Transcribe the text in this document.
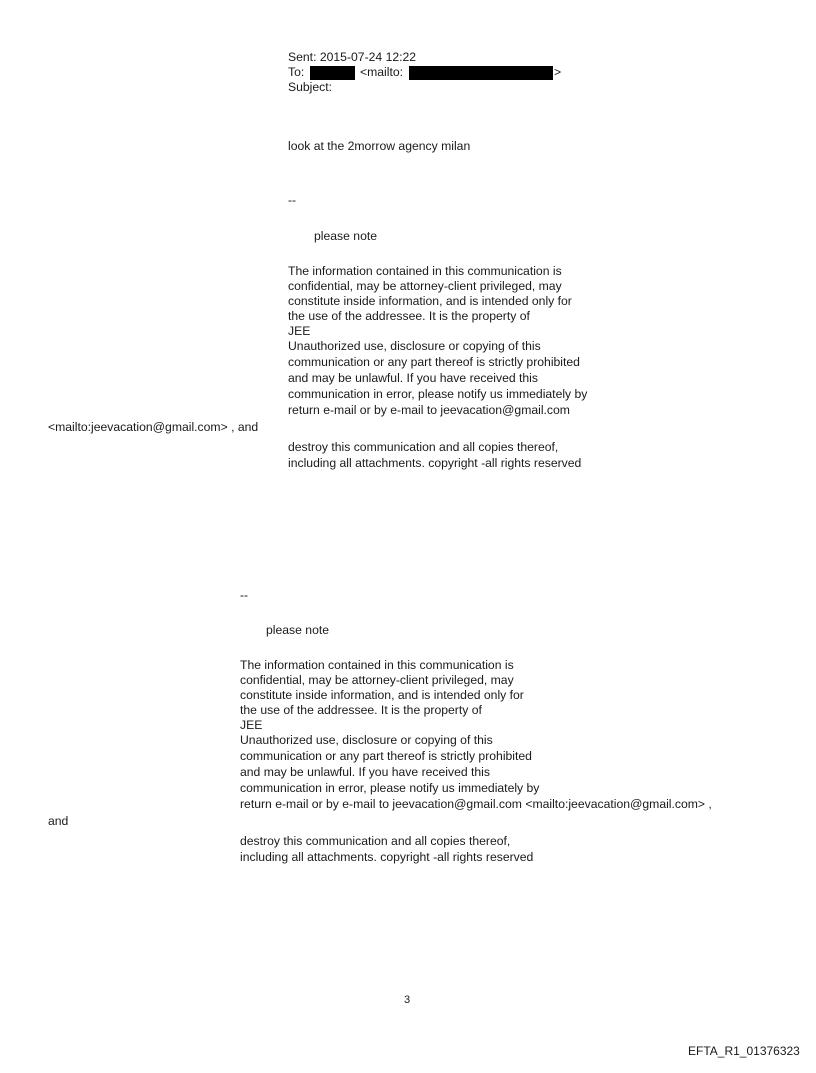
Sent: 2015-07-24 12:22
To:	<mailto:	>
Subject:
look at the 2morrow agency milan
--
please note
The information contained in this communication is
confidential, may be attorney-client privileged, may
constitute inside information, and is intended only for
the use of the addressee. It is the property of
JEE
Unauthorized use, disclosure or copying of this
communication or any part thereof is strictly prohibited
and may be unlawful. If you have received this
communication in error, please notify us immediately by
return e-mail or by e-mail to jeevacation@gmail.com
<mailto:jeevacation@gmail.com> , and
destroy this communication and all copies thereof,
including all attachments. copyright -all rights reserved
--
please note
The information contained in this communication is
confidential, may be attorney-client privileged, may
constitute inside information, and is intended only for
the use of the addressee. It is the property of
JEE
Unauthorized use, disclosure or copying of this
communication or any part thereof is strictly prohibited
and may be unlawful. If you have received this
communication in error, please notify us immediately by
return e-mail or by e-mail to jeevacation@gmail.com <mailto:jeevacation@gmail.com> ,
and
destroy this communication and all copies thereof,
including all attachments. copyright -all rights reserved
3
EFTA_R1_01376323
